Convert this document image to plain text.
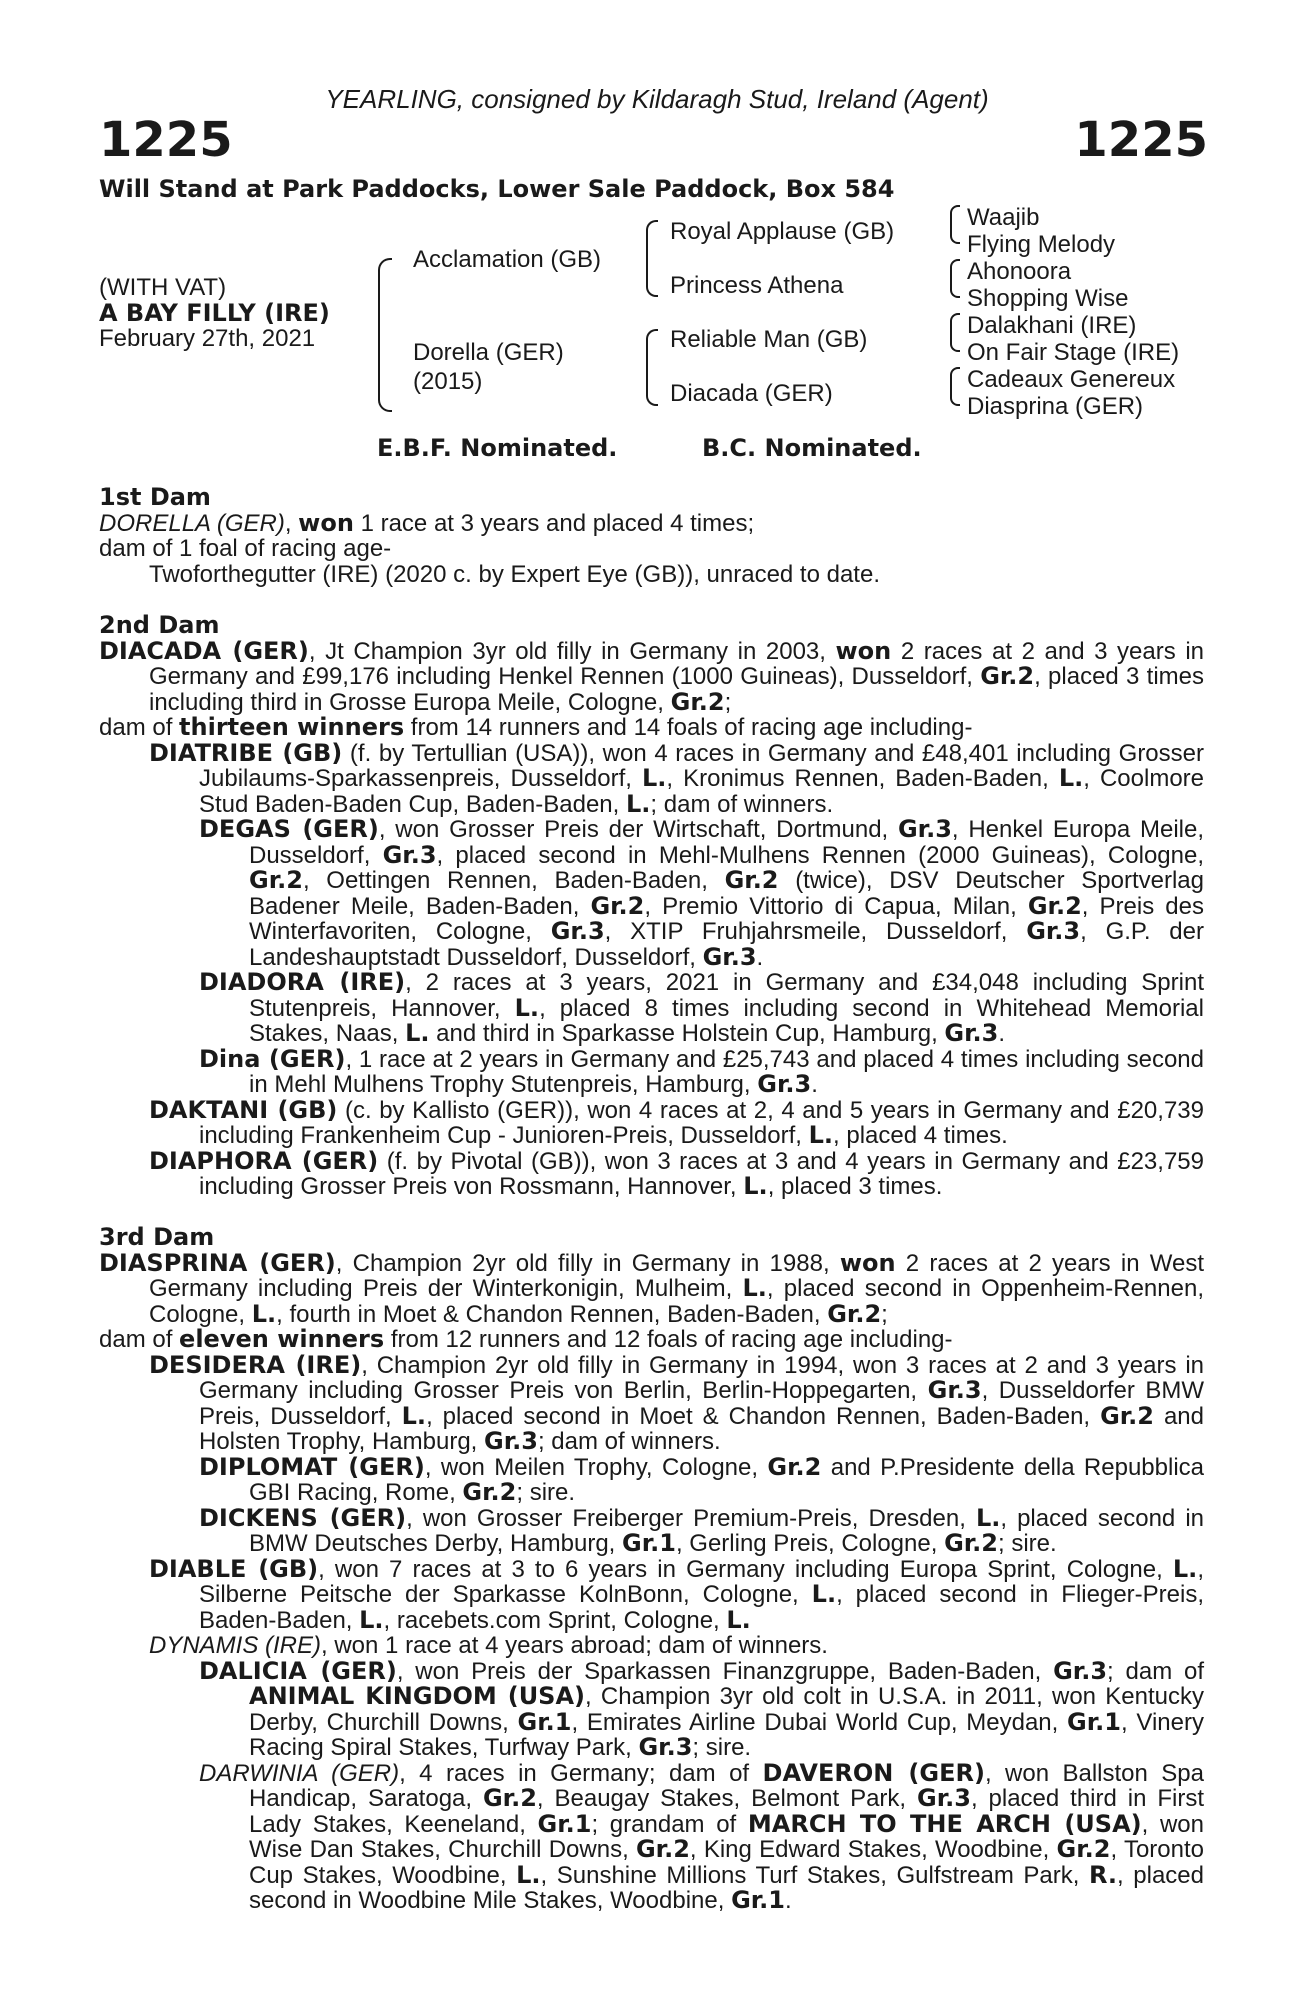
YEARLING, consigned by Kildaragh Stud, Ireland (Agent)
1225	1225
Will Stand at Park Paddocks, Lower Sale Paddock, Box 584
(WITH VAT)
A BAY FILLY (IRE)
February 27th, 2021
Acclamation (GB)
Dorella (GER)
(2015)
Royal Applause (GB)
Princess Athena
Reliable Man (GB)
Diacada (GER)
Waajib
Flying Melody
Ahonoora
Shopping Wise
Dalakhani (IRE)
On Fair Stage (IRE)
Cadeaux Genereux
Diasprina (GER)
E.B.F. Nominated.	B.C. Nominated.
1st Dam
DORELLA (GER), won 1 race at 3 years and placed 4 times;
dam of 1 foal of racing age-
Twoforthegutter (IRE) (2020 c. by Expert Eye (GB)), unraced to date.
2nd Dam
DIACADA (GER), Jt Champion 3yr old filly in Germany in 2003, won 2 races at 2 and 3 years in Germany and £99,176 including Henkel Rennen (1000 Guineas), Dusseldorf, Gr.2, placed 3 times including third in Grosse Europa Meile, Cologne, Gr.2;
dam of thirteen winners from 14 runners and 14 foals of racing age including-
DIATRIBE (GB) (f. by Tertullian (USA)), won 4 races in Germany and £48,401 including Grosser Jubilaums-Sparkassenpreis, Dusseldorf, L., Kronimus Rennen, Baden-Baden, L., Coolmore Stud Baden-Baden Cup, Baden-Baden, L.; dam of winners.
DEGAS (GER), won Grosser Preis der Wirtschaft, Dortmund, Gr.3, Henkel Europa Meile, Dusseldorf, Gr.3, placed second in Mehl-Mulhens Rennen (2000 Guineas), Cologne, Gr.2, Oettingen Rennen, Baden-Baden, Gr.2 (twice), DSV Deutscher Sportverlag Badener Meile, Baden-Baden, Gr.2, Premio Vittorio di Capua, Milan, Gr.2, Preis des Winterfavoriten, Cologne, Gr.3, XTIP Fruhjahrsmeile, Dusseldorf, Gr.3, G.P. der Landeshauptstadt Dusseldorf, Dusseldorf, Gr.3.
DIADORA (IRE), 2 races at 3 years, 2021 in Germany and £34,048 including Sprint Stutenpreis, Hannover, L., placed 8 times including second in Whitehead Memorial Stakes, Naas, L. and third in Sparkasse Holstein Cup, Hamburg, Gr.3.
Dina (GER), 1 race at 2 years in Germany and £25,743 and placed 4 times including second in Mehl Mulhens Trophy Stutenpreis, Hamburg, Gr.3.
DAKTANI (GB) (c. by Kallisto (GER)), won 4 races at 2, 4 and 5 years in Germany and £20,739 including Frankenheim Cup - Junioren-Preis, Dusseldorf, L., placed 4 times.
DIAPHORA (GER) (f. by Pivotal (GB)), won 3 races at 3 and 4 years in Germany and £23,759 including Grosser Preis von Rossmann, Hannover, L., placed 3 times.
3rd Dam
DIASPRINA (GER), Champion 2yr old filly in Germany in 1988, won 2 races at 2 years in West Germany including Preis der Winterkonigin, Mulheim, L., placed second in Oppenheim-Rennen, Cologne, L., fourth in Moet & Chandon Rennen, Baden-Baden, Gr.2;
dam of eleven winners from 12 runners and 12 foals of racing age including-
DESIDERA (IRE), Champion 2yr old filly in Germany in 1994, won 3 races at 2 and 3 years in Germany including Grosser Preis von Berlin, Berlin-Hoppegarten, Gr.3, Dusseldorfer BMW Preis, Dusseldorf, L., placed second in Moet & Chandon Rennen, Baden-Baden, Gr.2 and Holsten Trophy, Hamburg, Gr.3; dam of winners.
DIPLOMAT (GER), won Meilen Trophy, Cologne, Gr.2 and P.Presidente della Repubblica GBI Racing, Rome, Gr.2; sire.
DICKENS (GER), won Grosser Freiberger Premium-Preis, Dresden, L., placed second in BMW Deutsches Derby, Hamburg, Gr.1, Gerling Preis, Cologne, Gr.2; sire.
DIABLE (GB), won 7 races at 3 to 6 years in Germany including Europa Sprint, Cologne, L., Silberne Peitsche der Sparkasse KolnBonn, Cologne, L., placed second in Flieger-Preis, Baden-Baden, L., racebets.com Sprint, Cologne, L.
DYNAMIS (IRE), won 1 race at 4 years abroad; dam of winners.
DALICIA (GER), won Preis der Sparkassen Finanzgruppe, Baden-Baden, Gr.3; dam of ANIMAL KINGDOM (USA), Champion 3yr old colt in U.S.A. in 2011, won Kentucky Derby, Churchill Downs, Gr.1, Emirates Airline Dubai World Cup, Meydan, Gr.1, Vinery Racing Spiral Stakes, Turfway Park, Gr.3; sire.
DARWINIA (GER), 4 races in Germany; dam of DAVERON (GER), won Ballston Spa Handicap, Saratoga, Gr.2, Beaugay Stakes, Belmont Park, Gr.3, placed third in First Lady Stakes, Keeneland, Gr.1; grandam of MARCH TO THE ARCH (USA), won Wise Dan Stakes, Churchill Downs, Gr.2, King Edward Stakes, Woodbine, Gr.2, Toronto Cup Stakes, Woodbine, L., Sunshine Millions Turf Stakes, Gulfstream Park, R., placed second in Woodbine Mile Stakes, Woodbine, Gr.1.
